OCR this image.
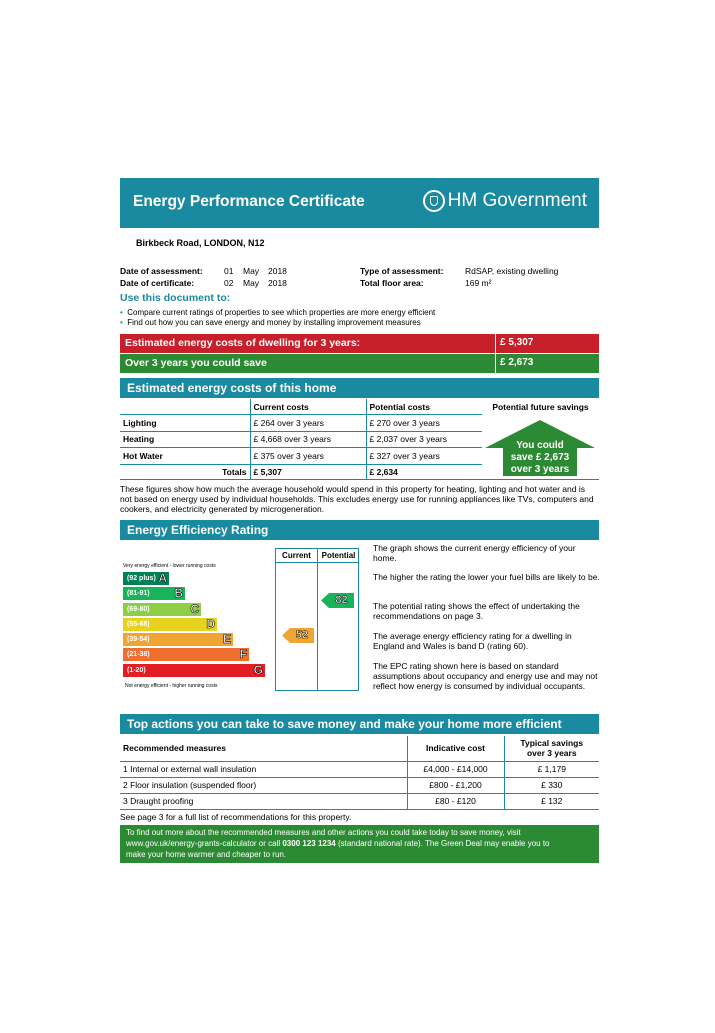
Energy Performance Certificate	HM Government
Birkbeck Road, LONDON, N12
Date of assessment:	01 May 2018
Date of certificate:	02 May 2018
Type of assessment:	RdSAP, existing dwelling
Total floor area:	169 m²
Use this document to:
• Compare current ratings of properties to see which properties are more energy efficient
• Find out how you can save energy and money by installing improvement measures
Estimated energy costs of dwelling for 3 years:	£ 5,307
Over 3 years you could save	£ 2,673
Estimated energy costs of this home
	Current costs	Potential costs
Lighting	£ 264 over 3 years	£ 270 over 3 years
Heating	£ 4,668 over 3 years	£ 2,037 over 3 years
Hot Water	£ 375 over 3 years	£ 327 over 3 years
Totals	£ 5,307	£ 2,634
Potential future savings
You could
save £ 2,673
over 3 years
These figures show how much the average household would spend in this property for heating, lighting and hot water and is not based on energy used by individual households. This excludes energy use for running appliances like TVs, computers and cookers, and electricity generated by microgeneration.
Energy Efficiency Rating
Current	Potential
Very energy efficient - lower running costs
(92 plus) A
(81-91) B
(69-80)	C
(55-68)	D
(39-54)	E
(21-38)	F
(1-20)	G
Not energy efficient - higher running costs
52
82
The graph shows the current energy efficiency of your home.
The higher the rating the lower your fuel bills are likely to be.
The potential rating shows the effect of undertaking the recommendations on page 3.
The average energy efficiency rating for a dwelling in England and Wales is band D (rating 60).
The EPC rating shown here is based on standard assumptions about occupancy and energy use and may not reflect how energy is consumed by individual occupants.
Top actions you can take to save money and make your home more efficient
Recommended measures	Indicative cost	Typical savings over 3 years
1 Internal or external wall insulation	£4,000 - £14,000	£ 1,179
2 Floor insulation (suspended floor)	£800 - £1,200	£ 330
3 Draught proofing	£80 - £120	£ 132
See page 3 for a full list of recommendations for this property.
To find out more about the recommended measures and other actions you could take today to save money, visit
www.gov.uk/energy-grants-calculator or call 0300 123 1234 (standard national rate). The Green Deal may enable you to
make your home warmer and cheaper to run.
